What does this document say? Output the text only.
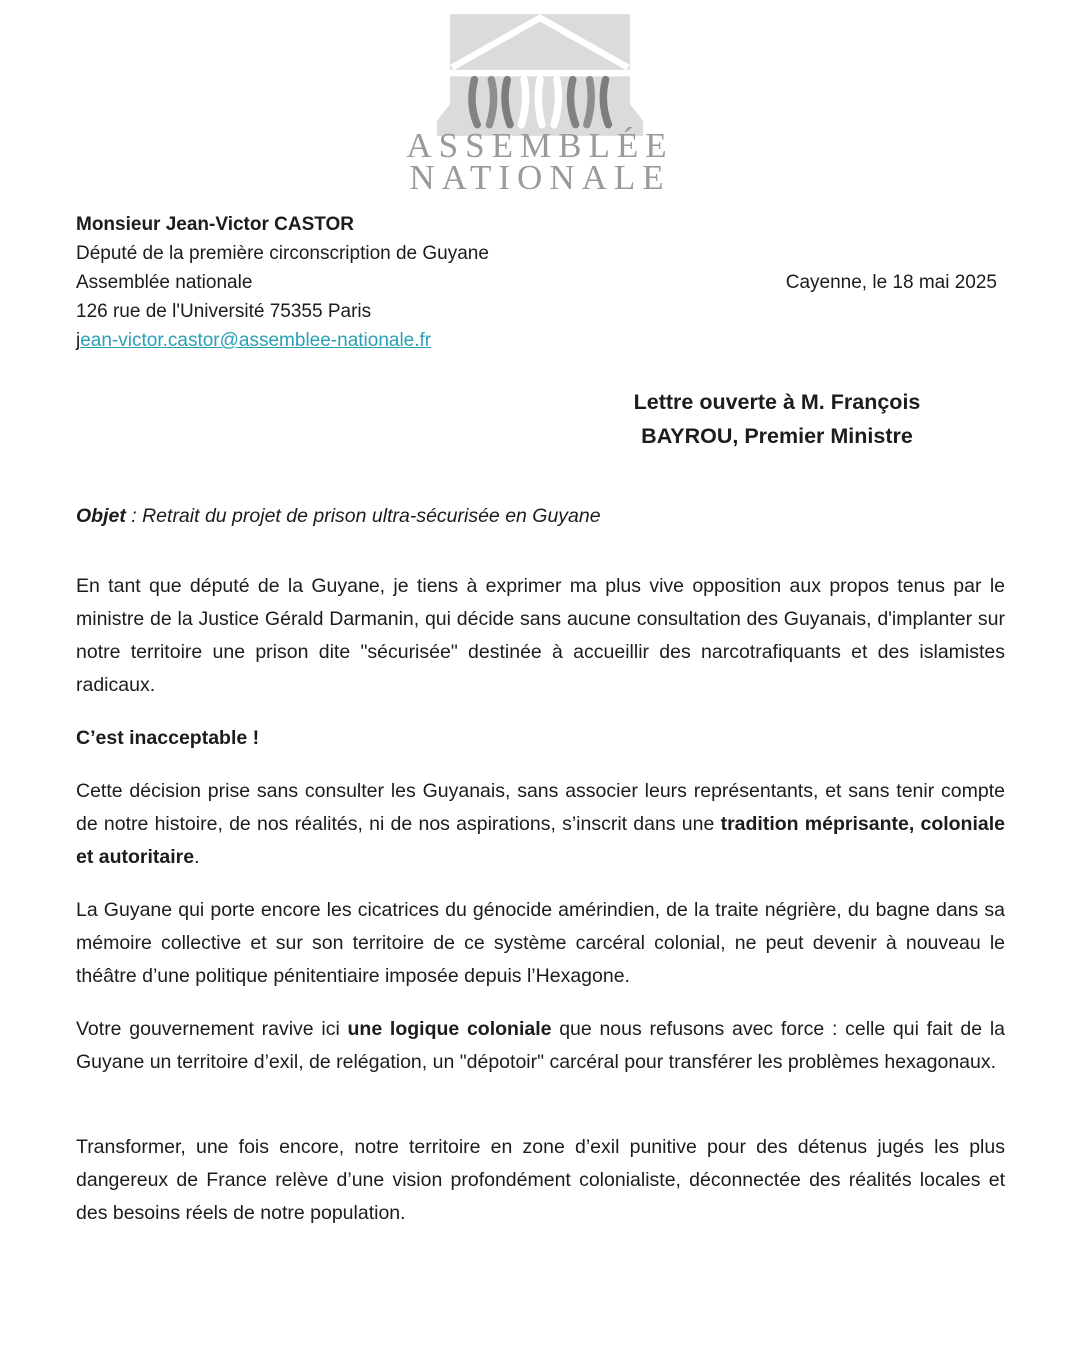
ASSEMBLÉE
NATIONALE
Monsieur Jean-Victor CASTOR
Député de la première circonscription de Guyane
Assemblée nationale
126 rue de l'Université 75355 Paris
jean-victor.castor@assemblee-nationale.fr
Cayenne, le 18 mai 2025
Lettre ouverte à M. François
BAYROU, Premier Ministre
Objet : Retrait du projet de prison ultra-sécurisée en Guyane

En tant que député de la Guyane, je tiens à exprimer ma plus vive opposition aux propos tenus par le ministre de la Justice Gérald Darmanin, qui décide sans aucune consultation des Guyanais, d'implanter sur notre territoire une prison dite "sécurisée" destinée à accueillir des narcotrafiquants et des islamistes radicaux.

C’est inacceptable !

Cette décision prise sans consulter les Guyanais, sans associer leurs représentants, et sans tenir compte de notre histoire, de nos réalités, ni de nos aspirations, s’inscrit dans une tradition méprisante, coloniale et autoritaire.

La Guyane qui porte encore les cicatrices du génocide amérindien, de la traite négrière, du bagne dans sa mémoire collective et sur son territoire de ce système carcéral colonial, ne peut devenir à nouveau le théâtre d’une politique pénitentiaire imposée depuis l’Hexagone.

Votre gouvernement ravive ici une logique coloniale que nous refusons avec force : celle qui fait de la Guyane un territoire d’exil, de relégation, un "dépotoir" carcéral pour transférer les problèmes hexagonaux.

Transformer, une fois encore, notre territoire en zone d’exil punitive pour des détenus jugés les plus dangereux de France relève d’une vision profondément colonialiste, déconnectée des réalités locales et des besoins réels de notre population.
